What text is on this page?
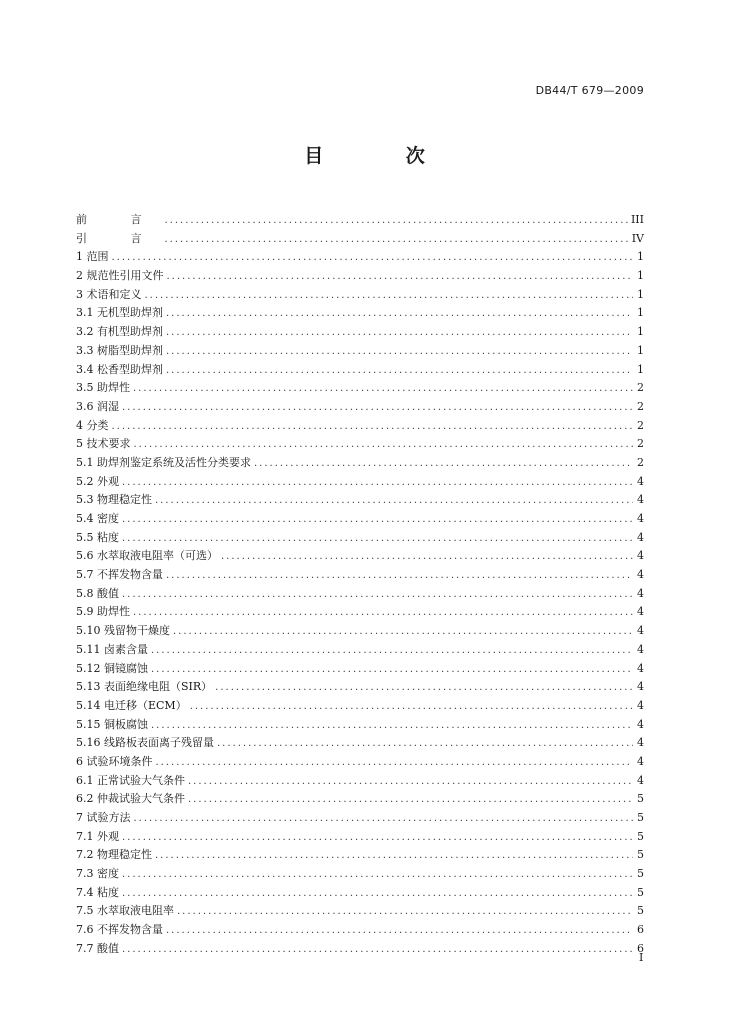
DB44/T 679—2009
目 次
前 言 .....	III
引 言 .....	IV
1 范围 .....	1
2 规范性引用文件 .....	1
3 术语和定义 .....	1
3.1 无机型助焊剂 .....	1
3.2 有机型助焊剂 .....	1
3.3 树脂型助焊剂 .....	1
3.4 松香型助焊剂 .....	1
3.5 助焊性 .....	2
3.6 润湿 .....	2
4 分类 .....	2
5 技术要求 .....	2
5.1 助焊剂鉴定系统及活性分类要求 .....	2
5.2 外观 .....	4
5.3 物理稳定性 .....	4
5.4 密度 .....	4
5.5 粘度 .....	4
5.6 水萃取液电阻率（可选） .....	4
5.7 不挥发物含量 .....	4
5.8 酸值 .....	4
5.9 助焊性 .....	4
5.10 残留物干燥度 .....	4
5.11 卤素含量 .....	4
5.12 铜镜腐蚀 .....	4
5.13 表面绝缘电阻（SIR） .....	4
5.14 电迁移（ECM） .....	4
5.15 铜板腐蚀 .....	4
5.16 线路板表面离子残留量 .....	4
6 试验环境条件 .....	4
6.1 正常试验大气条件 .....	4
6.2 仲裁试验大气条件 .....	5
7 试验方法 .....	5
7.1 外观 .....	5
7.2 物理稳定性 .....	5
7.3 密度 .....	5
7.4 粘度 .....	5
7.5 水萃取液电阻率 .....	5
7.6 不挥发物含量 .....	6
7.7 酸值 .....	6
I
